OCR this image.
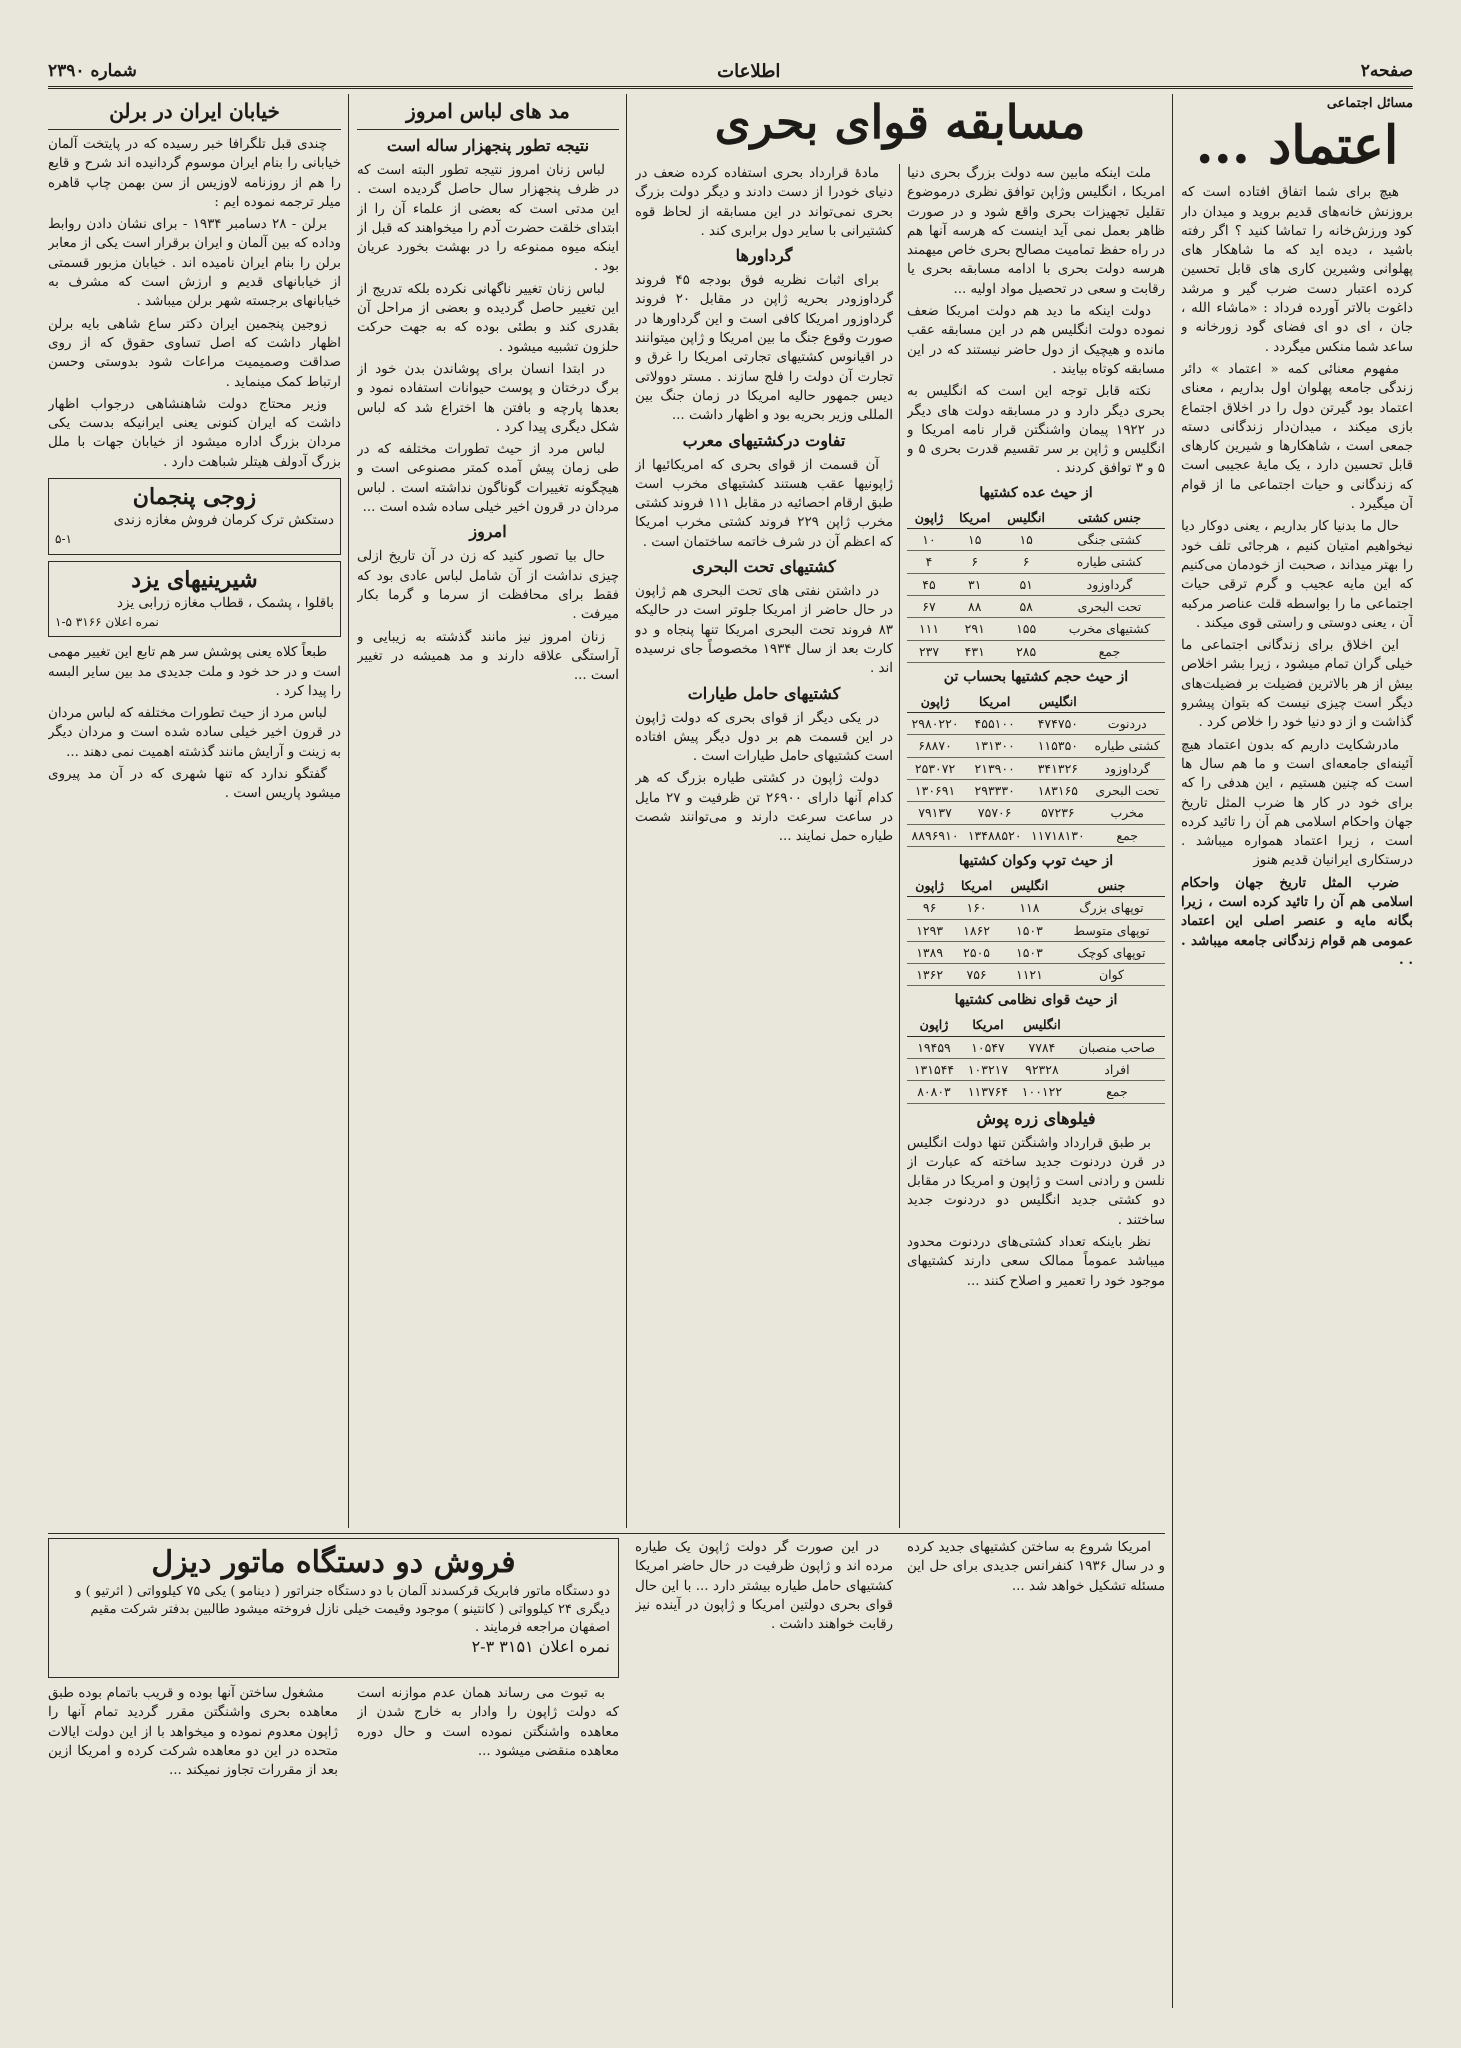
صفحه۲
اطلاعات
شماره ۲۳۹۰
مسائل اجتماعی
اعتماد ...

هیچ برای شما اتفاق افتاده است که بروزنش خانه‌های قدیم بروید و میدان دار کود ورزش‌خانه را تماشا کنید ؟ اگر رفته باشید ، دیده اید که ما شاهکار های پهلوانی وشیرین کاری های قابل تحسین کرده اعتبار دست ضرب گیر و مرشد داغوت بالاتر آورده فرداد : «ماشاء الله ، جان ، ای دو ای فضای گود زورخانه و ساعد شما منکس میگردد .

مفهوم معنائی کمه « اعتماد » دائر زندگی جامعه پهلوان اول بداریم ، معنای اعتماد بود گیرتن دول را در اخلاق اجتماع بازی میکند ، میدان‌دار زندگانی دسته جمعی است ، شاهکارها و شیرین کارهای قابل تحسین دارد ، یک مایهٔ عجیبی است که زندگانی و حیات اجتماعی ما از قوام آن میگیرد .

حال ما بدنیا کار بداریم ، یعنی دوکار دیا نیخواهیم امتیان کنیم ، هرجائی تلف خود را بهتر میداند ، صحبت از خودمان می‌کنیم که این مایه عجیب و گرم ترقی حیات اجتماعی ما را بواسطه قلت عناصر مرکبه آن ، یعنی دوستی و راستی قوی میکند .

این اخلاق برای زندگانی اجتماعی ما خیلی گران تمام میشود ، زیرا بشر اخلاص بیش از هر بالاترین فضیلت بر فضیلت‌های دیگر است چیزی نیست که بتوان پیشرو گذاشت و از دو دنیا خود را خلاص کرد .

مادرشکایت داریم که بدون اعتماد هیچ آئینه‌ای جامعه‌ای است و ما هم سال ها است که چنین هستیم ، این هدفی را که برای خود در کار ها ضرب المثل تاریخ جهان واحکام اسلامی هم آن را تائید کرده است ، زیرا اعتماد همواره میباشد . درستکاری ایرانیان قدیم هنوز

ضرب المثل تاریخ جهان واحکام اسلامی هم آن را تائید کرده است ، زیرا بگانه مایه و عنصر اصلی این اعتماد عمومی هم قوام زندگانی جامعه میباشد . . .

مسابقه قوای بحری

ملت اینکه مابین سه دولت بزرگ بحری دنیا امریکا ، انگلیس وژاپن توافق نظری درموضوع تقلیل تجهیزات بحری واقع شود و در صورت ظاهر بعمل نمی آید اینست که هرسه آنها هم در راه حفظ تمامیت مصالح بحری خاص میهمند هرسه دولت بحری با ادامه مسابقه بحری یا رقابت و سعی در تحصیل مواد اولیه ...

دولت اینکه ما دید هم دولت امریکا ضعف نموده دولت انگلیس هم در این مسابقه عقب مانده و هیچیک از دول حاضر نیستند که در این مسابقه کوتاه بیایند .

نکته قابل توجه این است که انگلیس به بحری دیگر دارد و در مسابقه دولت های دیگر در ۱۹۲۲ پیمان واشنگتن قرار نامه امریکا و انگلیس و ژاپن بر سر تقسیم قدرت بحری ۵ و ۵ و ۳ توافق کردند .

از حیث عده کشتیها
جنس کشتی	انگلیس	امریکا	ژاپون
کشتی جنگی	۱۵	۱۵	۱۰
کشتی طیاره	۶	۶	۴
گرداوزود	۵۱	۳۱	۴۵
تحت البحری	۵۸	۸۸	۶۷
کشتیهای مخرب	۱۵۵	۲۹۱	۱۱۱
جمع	۲۸۵	۴۳۱	۲۳۷
از حیث حجم کشتیها بحساب تن
	انگلیس	امریکا	ژاپون
دردنوت	۴۷۴۷۵۰	۴۵۵۱۰۰	۲۹۸۰۲۲۰
کشتی طیاره	۱۱۵۳۵۰	۱۳۱۳۰۰	۶۸۸۷۰
گرداوزود	۳۴۱۳۲۶	۲۱۳۹۰۰	۲۵۳۰۷۲
تحت البحری	۱۸۳۱۶۵	۲۹۳۳۳۰	۱۳۰۶۹۱
مخرب	۵۷۲۳۶	۷۵۷۰۶	۷۹۱۳۷
جمع	۱۱۷۱۸۱۳۰	۱۳۴۸۸۵۲۰	۸۸۹۶۹۱۰
از حیث توپ وکوان کشتیها
جنس	انگلیس	امریکا	ژاپون
توپهای بزرگ	۱۱۸	۱۶۰	۹۶
توپهای متوسط	۱۵۰۳	۱۸۶۲	۱۲۹۳
توپهای کوچک	۱۵۰۳	۲۵۰۵	۱۳۸۹
کوان	۱۱۲۱	۷۵۶	۱۳۶۲
از حیث قوای نظامی کشتیها
	انگلیس	امریکا	ژاپون
صاحب منصبان	۷۷۸۴	۱۰۵۴۷	۱۹۴۵۹
افراد	۹۲۳۲۸	۱۰۳۲۱۷	۱۳۱۵۴۴
جمع	۱۰۰۱۲۲	۱۱۳۷۶۴	۸۰۸۰۳
فیلوهای زره پوش

بر طبق قرارداد واشنگتن تنها دولت انگلیس در قرن دردنوت جدید ساخته که عبارت از نلسن و رادنی است و ژاپون و امریکا در مقابل دو کشتی جدید انگلیس دو دردنوت جدید ساختند .

نظر باینکه تعداد کشتی‌های دردنوت محدود میباشد عموماً ممالک سعی دارند کشتیهای موجود خود را تعمیر و اصلاح کنند ...

مادهٔ قرارداد بحری استفاده کرده ضعف در دنیای خودرا از دست دادند و دیگر دولت بزرگ بحری نمی‌تواند در این مسابقه از لحاظ قوه کشتیرانی با سایر دول برابری کند .

گرداورها

برای اثبات نظریه فوق بودجه ۴۵ فروند گرداوزودر بحریه ژاپن در مقابل ۲۰ فروند گرداوزور امریکا کافی است و این گرداورها در صورت وقوع جنگ ما بین امریکا و ژاپن میتوانند در اقیانوس کشتیهای تجارتی امریکا را غرق و تجارت آن دولت را فلج سازند . مستر دوولاتی دیس جمهور حالیه امریکا در زمان جنگ بین المللی وزیر بحریه بود و اظهار داشت ...

تفاوت درکشتیهای معرب

آن قسمت از قوای بحری که امریکائیها از ژاپونیها عقب هستند کشتیهای مخرب است طبق ارقام احصائیه در مقابل ۱۱۱ فروند کشتی مخرب ژاپن ۲۲۹ فروند کشتی مخرب امریکا که اعظم آن در شرف خاتمه ساختمان است .

کشتیهای تحت البحری

در داشتن نفتی های تحت البحری هم ژاپون در حال حاضر از امریکا جلوتر است در حالیکه ۸۳ فروند تحت البحری امریکا تنها پنجاه و دو کارت بعد از سال ۱۹۳۴ مخصوصاً جای نرسیده اند .

کشتیهای حامل طیارات

در یکی دیگر از قوای بحری که دولت ژاپون در این قسمت هم بر دول دیگر پیش افتاده است کشتیهای حامل طیارات است .

دولت ژاپون در کشتی طیاره بزرگ که هر کدام آنها دارای ۲۶۹۰۰ تن ظرفیت و ۲۷ مایل در ساعت سرعت دارند و می‌توانند شصت طیاره حمل نمایند ...

مد های لباس امروز
نتیجه تطور پنجهزار ساله است

لباس زنان امروز نتیجه تطور البته است که در ظرف پنجهزار سال حاصل گردیده است . این مدتی است که بعضی از علماء آن را از ابتدای خلقت حضرت آدم را میخواهند که قبل از اینکه میوه ممنوعه را در بهشت بخورد عریان بود .

لباس زنان تغییر ناگهانی نکرده بلکه تدریج از این تغییر حاصل گردیده و بعضی از مراحل آن بقدری کند و بطئی بوده که به جهت حرکت حلزون تشبیه میشود .

در ابتدا انسان برای پوشاندن بدن خود از برگ درختان و پوست حیوانات استفاده نمود و بعدها پارچه و بافتن ها اختراع شد که لباس شکل دیگری پیدا کرد .

لباس مرد از حیث تطورات مختلفه که در طی زمان پیش آمده کمتر مصنوعی است و هیچگونه تغییرات گوناگون نداشته است . لباس مردان در قرون اخیر خیلی ساده شده است ...

امروز

حال بیا تصور کنید که زن در آن تاریخ ازلی چیزی نداشت از آن شامل لباس عادی بود که فقط برای محافظت از سرما و گرما بکار میرفت .

زنان امروز نیز مانند گذشته به زیبایی و آراستگی علاقه دارند و مد همیشه در تغییر است ...

خیابان ایران در برلن

چندی قبل تلگرافا خبر رسیده که در پایتخت آلمان خیابانی را بنام ایران موسوم گردانیده اند شرح و قایع را هم از روزنامه لاوزیس از سن بهمن چاپ قاهره میلر ترجمه نموده ایم :

برلن - ۲۸ دسامبر ۱۹۳۴ - برای نشان دادن روابط وداده که بین آلمان و ایران برقرار است یکی از معابر برلن را بنام ایران نامیده اند . خیابان مزبور قسمتی از خیابانهای قدیم و ارزش است که مشرف به خیابانهای برجسته شهر برلن میباشد .

زوجین پنجمین ایران دکتر ساع شاهی بایه برلن اظهار داشت که اصل تساوی حقوق که از روی صداقت وصمیمیت مراعات شود بدوستی وحسن ارتباط کمک مینماید .

وزیر محتاج دولت شاهنشاهی درجواب اظهار داشت که ایران کنونی یعنی ایرانیکه بدست یکی مردان بزرگ اداره میشود از خیابان جهات با ملل بزرگ آدولف هیتلر شباهت دارد .

زوجی پنجمان
دستکش ترک کرمان فروش مغازه زندی
۵-۱
شیرینیهای یزد
باقلوا ، پشمک ، قطاب مغازه زرابی یزد
نمره اعلان ۳۱۶۶ ۵-۱

طبعاً کلاه یعنی پوشش سر هم تابع این تغییر مهمی است و در حد خود و ملت جدیدی مد بین سایر البسه را پیدا کرد .

لباس مرد از حیث تطورات مختلفه که لباس مردان در قرون اخیر خیلی ساده شده است و مردان دیگر به زینت و آرایش مانند گذشته اهمیت نمی دهند ...

گفتگو ندارد که تنها شهری که در آن مد پیروی میشود پاریس است .

امریکا شروع به ساختن کشتیهای جدید کرده و در سال ۱۹۳۶ کنفرانس جدیدی برای حل این مسئله تشکیل خواهد شد ...

در این صورت گر دولت ژاپون یک طیاره مرده اند و ژاپون ظرفیت در حال حاضر امریکا کشتیهای حامل طیاره بیشتر دارد ... با این حال قوای بحری دولتین امریکا و ژاپون در آینده نیز رقابت خواهند داشت .

فروش دو دستگاه ماتور دیزل
دو دستگاه ماتور فابریک قرکسدند آلمان با دو دستگاه جنراتور ( دینامو ) یکی ۷۵ کیلوواتی ( اثرتیو ) و دیگری ۲۴ کیلوواتی ( کانتینو ) موجود وقیمت خیلی نازل فروخته میشود طالبین بدفتر شرکت مقیم اصفهان مراجعه فرمایند .
نمره اعلان ۳۱۵۱ ۳-۲

به تبوت می رساند همان عدم موازنه است که دولت ژاپون را وادار به خارج شدن از معاهده واشنگتن نموده است و حال دوره معاهده منقضی میشود ...

مشغول ساختن آنها بوده و قریب باتمام بوده طبق معاهده بحری واشنگتن مقرر گردید تمام آنها را ژاپون معدوم نموده و میخواهد با از این دولت ایالات متحده در این دو معاهده شرکت کرده و امریکا ازین بعد از مقررات تجاوز نمیکند ...
